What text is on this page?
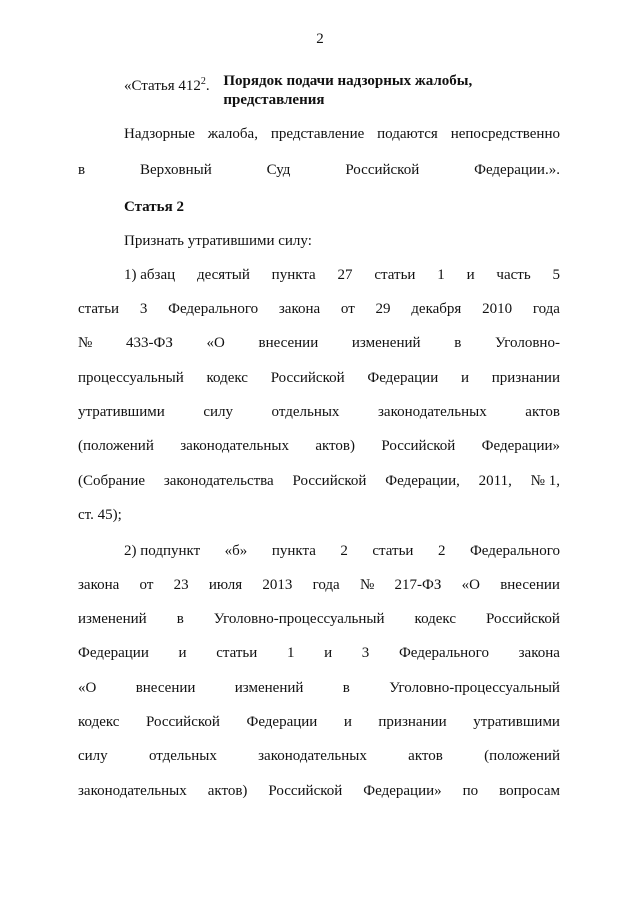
2
«Статья $412^2$. Порядок подачи надзорных жалобы,
представления
Надзорные жалоба, представление подаются непосредственно
в	Верховный	Суд	Российской	Федерации.».
Статья 2
Признать утратившими силу:
1) абзац десятый пункта 27 статьи 1 и часть 5
статьи 3 Федерального закона от 29 декабря 2010 года
№ 433-ФЗ «О внесении изменений в Уголовно-
процессуальный кодекс Российской Федерации и признании
утратившими	силу	отдельных	законодательных	актов
(положений законодательных актов) Российской Федерации»
(Собрание законодательства Российской Федерации, 2011, № 1,
ст. 45);
2) подпункт «б» пункта 2 статьи 2 Федерального
закона от 23 июля 2013 года № 217-ФЗ «О внесении
изменений в Уголовно-процессуальный кодекс Российской
Федерации и статьи 1 и 3 Федерального закона
«О	внесении	изменений	в	Уголовно-процессуальный
кодекс Российской Федерации и признании утратившими
силу	отдельных	законодательных	актов	(положений
законодательных актов) Российской Федерации» по вопросам
